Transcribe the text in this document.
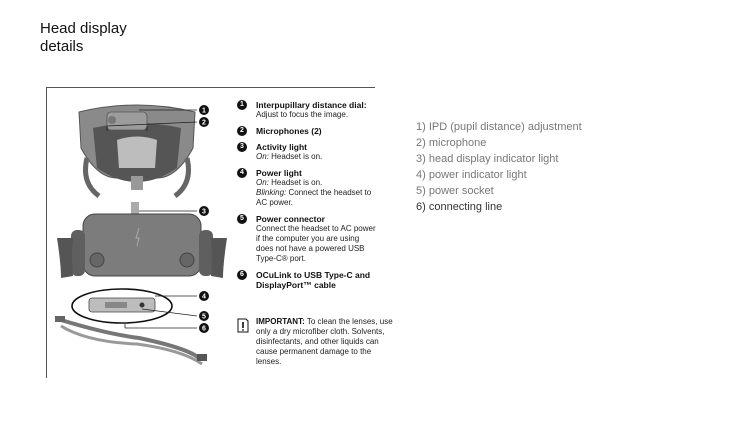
Head display details
1
2
3
4
5
6
1	Interpupillary distance dial:
Adjust to focus the image.
2	Microphones (2)
3	Activity light
On: Headset is on.
4	Power light
On: Headset is on.
Blinking: Connect the headset to AC power.
5	Power connector
Connect the headset to AC power if the computer you are using does not have a powered USB Type-C® port.
6	OCuLink to USB Type-C and DisplayPort™ cable
IMPORTANT: To clean the lenses, use only a dry microfiber cloth. Solvents, disinfectants, and other liquids can cause permanent damage to the lenses.
1) IPD (pupil distance) adjustment
2) microphone
3) head display indicator light
4) power indicator light
5) power socket
6) connecting line
